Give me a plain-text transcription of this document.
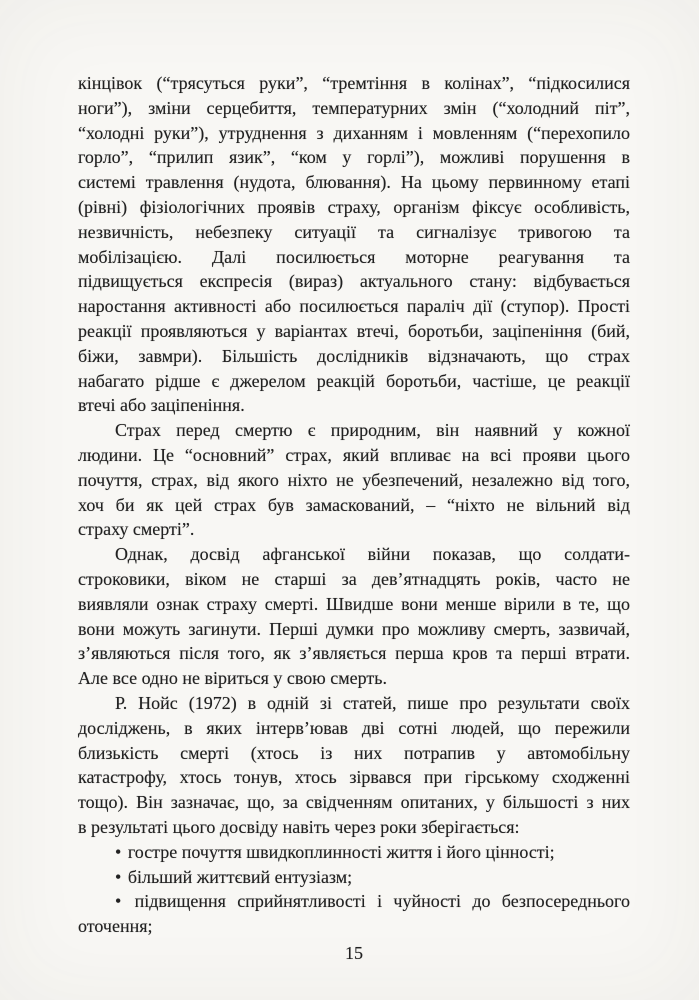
кінцівок (“трясуться руки”, “тремтіння в колінах”, “підкосилися
ноги”), зміни серцебиття, температурних змін (“холодний піт”,
“холодні руки”), утруднення з диханням і мовленням (“перехопило
горло”, “прилип язик”, “ком у горлі”), можливі порушення в
системі травлення (нудота, блювання). На цьому первинному етапі
(рівні) фізіологічних проявів страху, організм фіксує особливість,
незвичність, небезпеку ситуації та сигналізує тривогою та
мобілізацією. Далі посилюється моторне реагування та
підвищується експресія (вираз) актуального стану: відбувається
наростання активності або посилюється параліч дії (ступор). Прості
реакції проявляються у варіантах втечі, боротьби, заціпеніння (бий,
біжи, завмри). Більшість дослідників відзначають, що страх
набагато рідше є джерелом реакцій боротьби, частіше, це реакції
втечі або заціпеніння.
Страх перед смертю є природним, він наявний у кожної
людини. Це “основний” страх, який впливає на всі прояви цього
почуття, страх, від якого ніхто не убезпечений, незалежно від того,
хоч би як цей страх був замаскований, – “ніхто не вільний від
страху смерті”.
Однак, досвід афганської війни показав, що солдати-
строковики, віком не старші за дев’ятнадцять років, часто не
виявляли ознак страху смерті. Швидше вони менше вірили в те, що
вони можуть загинути. Перші думки про можливу смерть, зазвичай,
з’являються після того, як з’являється перша кров та перші втрати.
Але все одно не віриться у свою смерть.
Р. Нойс (1972) в одній зі статей, пише про результати своїх
досліджень, в яких інтерв’ював дві сотні людей, що пережили
близькість смерті (хтось із них потрапив у автомобільну
катастрофу, хтось тонув, хтось зірвався при гірському сходженні
тощо). Він зазначає, що, за свідченням опитаних, у більшості з них
в результаті цього досвіду навіть через роки зберігається:
• гостре почуття швидкоплинності життя і його цінності;
• більший життєвий ентузіазм;
• підвищення сприйнятливості і чуйності до безпосереднього
оточення;
15
